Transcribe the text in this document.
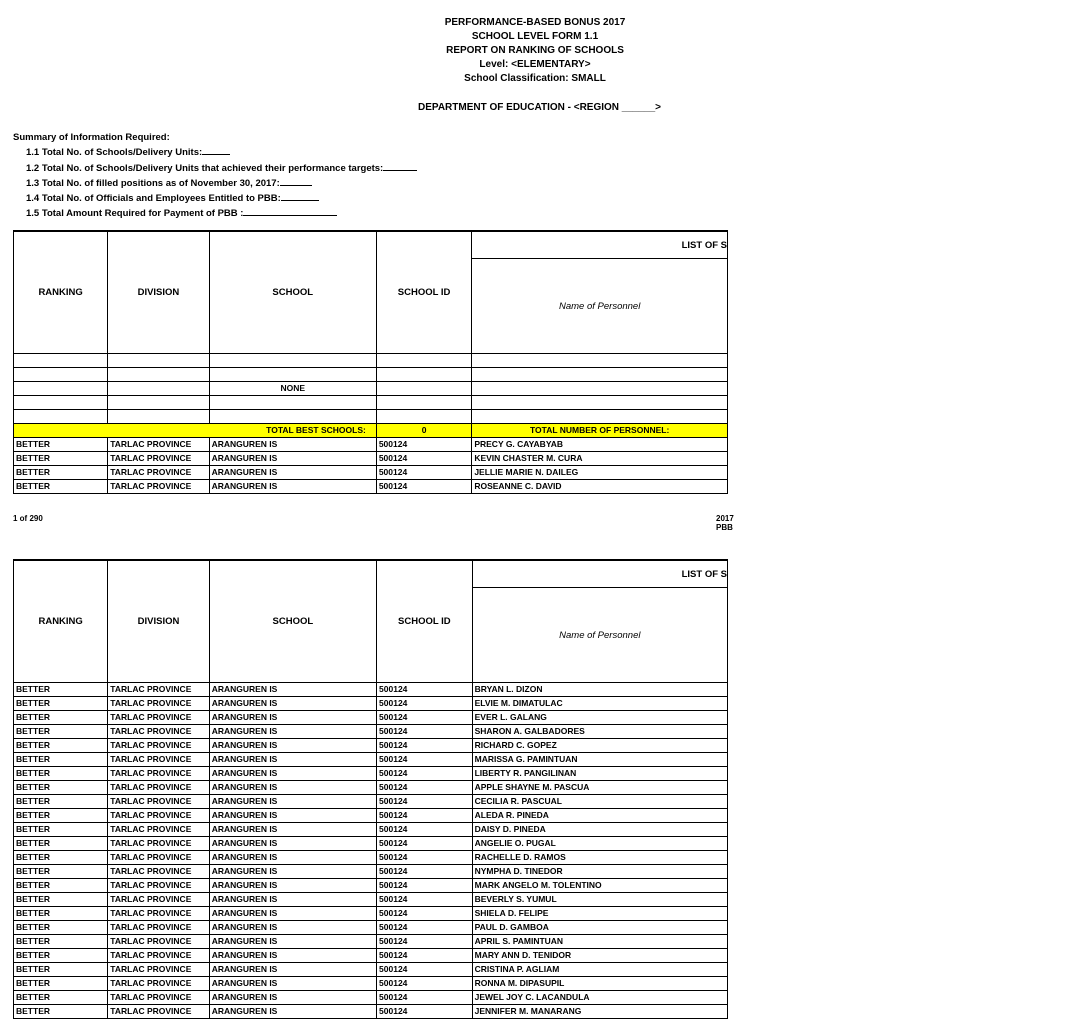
PERFORMANCE-BASED BONUS 2017
SCHOOL LEVEL FORM 1.1
REPORT ON RANKING OF SCHOOLS
Level: <ELEMENTARY>
School Classification: SMALL
DEPARTMENT OF EDUCATION - <REGION ______>
Summary of Information Required:
1.1 Total No. of Schools/Delivery Units:
1.2 Total No. of Schools/Delivery Units that achieved their performance targets:
1.3 Total No. of filled positions as of November 30, 2017:
1.4 Total No. of Officials and Employees Entitled to PBB:
1.5 Total Amount Required for Payment of PBB :
RANKING	DIVISION	SCHOOL	SCHOOL ID	LIST OF S
				Name of Personnel

		NONE		

TOTAL BEST SCHOOLS:			0	TOTAL NUMBER OF PERSONNEL:
BETTER	TARLAC PROVINCE	ARANGUREN IS	500124	PRECY G. CAYABYAB
BETTER	TARLAC PROVINCE	ARANGUREN IS	500124	KEVIN CHASTER M. CURA
BETTER	TARLAC PROVINCE	ARANGUREN IS	500124	JELLIE MARIE N. DAILEG
BETTER	TARLAC PROVINCE	ARANGUREN IS	500124	ROSEANNE C. DAVID
1 of 290	2017 PBB
RANKING	DIVISION	SCHOOL	SCHOOL ID	LIST OF S
				Name of Personnel
BETTER	TARLAC PROVINCE	ARANGUREN IS	500124	BRYAN L. DIZON
BETTER	TARLAC PROVINCE	ARANGUREN IS	500124	ELVIE M. DIMATULAC
BETTER	TARLAC PROVINCE	ARANGUREN IS	500124	EVER L. GALANG
BETTER	TARLAC PROVINCE	ARANGUREN IS	500124	SHARON A. GALBADORES
BETTER	TARLAC PROVINCE	ARANGUREN IS	500124	RICHARD C. GOPEZ
BETTER	TARLAC PROVINCE	ARANGUREN IS	500124	MARISSA G. PAMINTUAN
BETTER	TARLAC PROVINCE	ARANGUREN IS	500124	LIBERTY R. PANGILINAN
BETTER	TARLAC PROVINCE	ARANGUREN IS	500124	APPLE SHAYNE M. PASCUA
BETTER	TARLAC PROVINCE	ARANGUREN IS	500124	CECILIA R. PASCUAL
BETTER	TARLAC PROVINCE	ARANGUREN IS	500124	ALEDA R. PINEDA
BETTER	TARLAC PROVINCE	ARANGUREN IS	500124	DAISY D. PINEDA
BETTER	TARLAC PROVINCE	ARANGUREN IS	500124	ANGELIE O. PUGAL
BETTER	TARLAC PROVINCE	ARANGUREN IS	500124	RACHELLE D. RAMOS
BETTER	TARLAC PROVINCE	ARANGUREN IS	500124	NYMPHA D. TINEDOR
BETTER	TARLAC PROVINCE	ARANGUREN IS	500124	MARK ANGELO M. TOLENTINO
BETTER	TARLAC PROVINCE	ARANGUREN IS	500124	BEVERLY S. YUMUL
BETTER	TARLAC PROVINCE	ARANGUREN IS	500124	SHIELA D. FELIPE
BETTER	TARLAC PROVINCE	ARANGUREN IS	500124	PAUL D. GAMBOA
BETTER	TARLAC PROVINCE	ARANGUREN IS	500124	APRIL S. PAMINTUAN
BETTER	TARLAC PROVINCE	ARANGUREN IS	500124	MARY ANN D. TENIDOR
BETTER	TARLAC PROVINCE	ARANGUREN IS	500124	CRISTINA P. AGLIAM
BETTER	TARLAC PROVINCE	ARANGUREN IS	500124	RONNA M. DIPASUPIL
BETTER	TARLAC PROVINCE	ARANGUREN IS	500124	JEWEL JOY C. LACANDULA
BETTER	TARLAC PROVINCE	ARANGUREN IS	500124	JENNIFER M. MANARANG
